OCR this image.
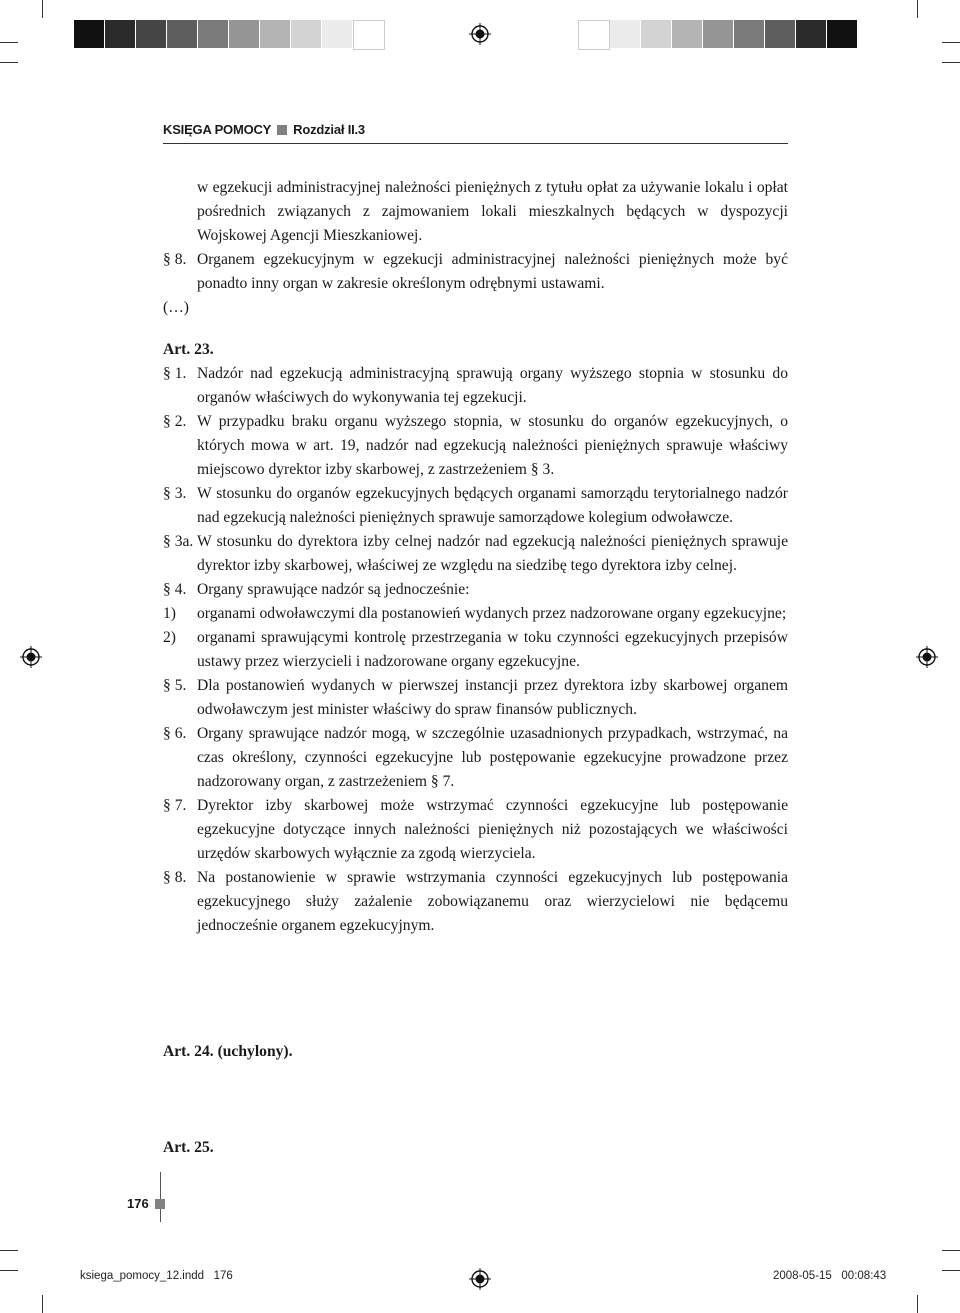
KSIĘGA POMOCY Rozdział II.3
w egzekucji administracyjnej należności pieniężnych z tytułu opłat za używanie lokalu i opłat pośrednich związanych z zajmowaniem lokali mieszkalnych będących w dyspozycji Wojskowej Agencji Mieszkaniowej.
§ 8. Organem egzekucyjnym w egzekucji administracyjnej należności pieniężnych może być ponadto inny organ w zakresie określonym odrębnymi ustawami.
(…)
Art. 23.
§ 1. Nadzór nad egzekucją administracyjną sprawują organy wyższego stopnia w stosunku do organów właściwych do wykonywania tej egzekucji.
§ 2. W przypadku braku organu wyższego stopnia, w stosunku do organów egzekucyjnych, o których mowa w art. 19, nadzór nad egzekucją należności pieniężnych sprawuje właściwy miejscowo dyrektor izby skarbowej, z zastrzeżeniem § 3.
§ 3. W stosunku do organów egzekucyjnych będących organami samorządu terytorialnego nadzór nad egzekucją należności pieniężnych sprawuje samorządowe kolegium odwoławcze.
§ 3a. W stosunku do dyrektora izby celnej nadzór nad egzekucją należności pieniężnych sprawuje dyrektor izby skarbowej, właściwej ze względu na siedzibę tego dyrektora izby celnej.
§ 4. Organy sprawujące nadzór są jednocześnie:
1)	organami odwoławczymi dla postanowień wydanych przez nadzorowane organy egzekucyjne;
2)	organami sprawującymi kontrolę przestrzegania w toku czynności egzekucyjnych przepisów ustawy przez wierzycieli i nadzorowane organy egzekucyjne.
§ 5. Dla postanowień wydanych w pierwszej instancji przez dyrektora izby skarbowej organem odwoławczym jest minister właściwy do spraw finansów publicznych.
§ 6. Organy sprawujące nadzór mogą, w szczególnie uzasadnionych przypadkach, wstrzymać, na czas określony, czynności egzekucyjne lub postępowanie egzekucyjne prowadzone przez nadzorowany organ, z zastrzeżeniem § 7.
§ 7. Dyrektor izby skarbowej może wstrzymać czynności egzekucyjne lub postępowanie egzekucyjne dotyczące innych należności pieniężnych niż pozostających we właściwości urzędów skarbowych wyłącznie za zgodą wierzyciela.
§ 8. Na postanowienie w sprawie wstrzymania czynności egzekucyjnych lub postępowania egzekucyjnego służy zażalenie zobowiązanemu oraz wierzycielowi nie będącemu jednocześnie organem egzekucyjnym.
Art. 24. (uchylony).
Art. 25.
176
ksiega_pomocy_12.indd   176	2008-05-15   00:08:43
